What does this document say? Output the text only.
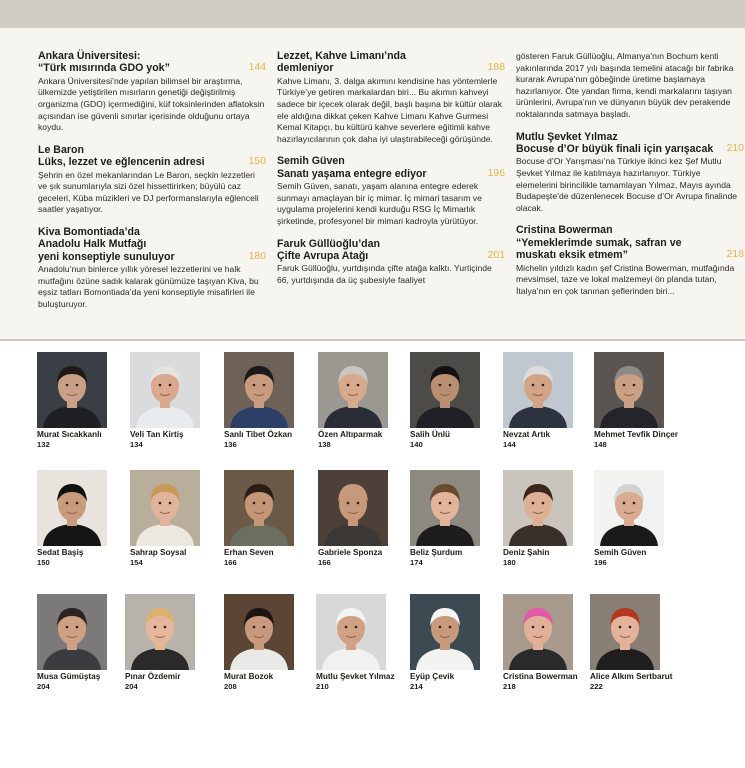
Ankara Üniversitesi:
“Türk mısırında GDO yok”	144
Ankara Üniversitesi’nde yapılan bilimsel bir araştırma, ülkemizde yetiştirilen mısırların genetiği değiştirilmiş organizma (GDO) içermediğini, küf toksinlerinden aflatoksin açısından ise güvenli sınırlar içerisinde olduğunu ortaya koydu.
Le Baron
Lüks, lezzet ve eğlencenin adresi	150
Şehrin en özel mekanlarından Le Baron, seçkin lezzetleri ve şık sunumlarıyla sizi özel hissettirirken; büyülü caz geceleri, Küba müzikleri ve DJ performanslarıyla eğlenceli saatler yaşatıyor.
Kiva Bomontiada’da
Anadolu Halk Mutfağı
yeni konseptiyle sunuluyor	180
Anadolu’nun binlerce yıllık yöresel lezzetlerini ve halk mutfağını özüne sadık kalarak günümüze taşıyan Kiva, bu eşsiz tatları Bomontiada’da yeni konseptiyle misafirleri ile buluşturuyor.
Lezzet, Kahve Limanı’nda
demleniyor	188
Kahve Limanı, 3. dalga akımını kendisine has yöntemlerle Türkiye’ye getiren markalardan biri... Bu akımın kahveyi sadece bir içecek olarak değil, başlı başına bir kültür olarak ele aldığına dikkat çeken Kahve Limanı Kahve Gurmesi Kemal Kitapçı, bu kültürü kahve severlere eğitimli kahve hazırlayıcılarının çok daha iyi ulaştırabileceği görüşünde.
Semih Güven
Sanatı yaşama entegre ediyor	196
Semih Güven, sanatı, yaşam alanına entegre ederek sunmayı amaçlayan bir iç mimar. İç mimari tasarım ve uygulama projelerini kendi kurduğu RSG İç Mimarlık şirketinde, profesyonel bir mimari kadroyla yürütüyor.
Faruk Güllüoğlu’dan
Çifte Avrupa Atağı	201
Faruk Güllüoğlu, yurtdışında çifte atağa kalktı. Yurtiçinde 66, yurtdışında da üç şubesiyle faaliyet
gösteren Faruk Güllüoğlu, Almanya’nın Bochum kenti yakınlarında 2017 yılı başında temelini atacağı bir fabrika kurarak Avrupa’nın göbeğinde üretime başlamaya hazırlanıyor. Öte yandan firma, kendi markalarını taşıyan ürünlerini, Avrupa’nın ve dünyanın büyük dev perakende noktalarında satmaya başladı.
Mutlu Şevket Yılmaz
Bocuse d’Or büyük finali için yarışacak 210
Bocuse d’Or Yarışması’na Türkiye ikinci kez Şef Mutlu Şevket Yılmaz ile katılmaya hazırlanıyor. Türkiye elemelerini birincilikle tamamlayan Yılmaz, Mayıs ayında Budapeşte’de düzenlenecek Bocuse d’Or Avrupa finalinde olacak.
Cristina Bowerman
“Yemeklerimde sumak, safran ve muskatı eksik etmem”	218
Michelin yıldızlı kadın şef Cristina Bowerman, mutfağında mevsimsel, taze ve lokal malzemeyi ön planda tutan, İtalya’nın en çok tanınan şeflerinden biri...
Murat Sıcakkanlı
132
Veli Tan Kirtiş
134
Sanlı Tibet Özkan
136
Özen Altıparmak
138
Salih Ünlü
140
Nevzat Artık
144
Mehmet Tevfik Dinçer
148
Sedat Başiş
150
Sahrap Soysal
154
Erhan Seven
166
Gabriele Sponza
166
Beliz Şurdum
174
Deniz Şahin
180
Semih Güven
196
Musa Gümüştaş
204
Pınar Özdemir
204
Murat Bozok
208
Mutlu Şevket Yılmaz
210
Eyüp Çevik
214
Cristina Bowerman
218
Alice Alkım Sertbarut
222
